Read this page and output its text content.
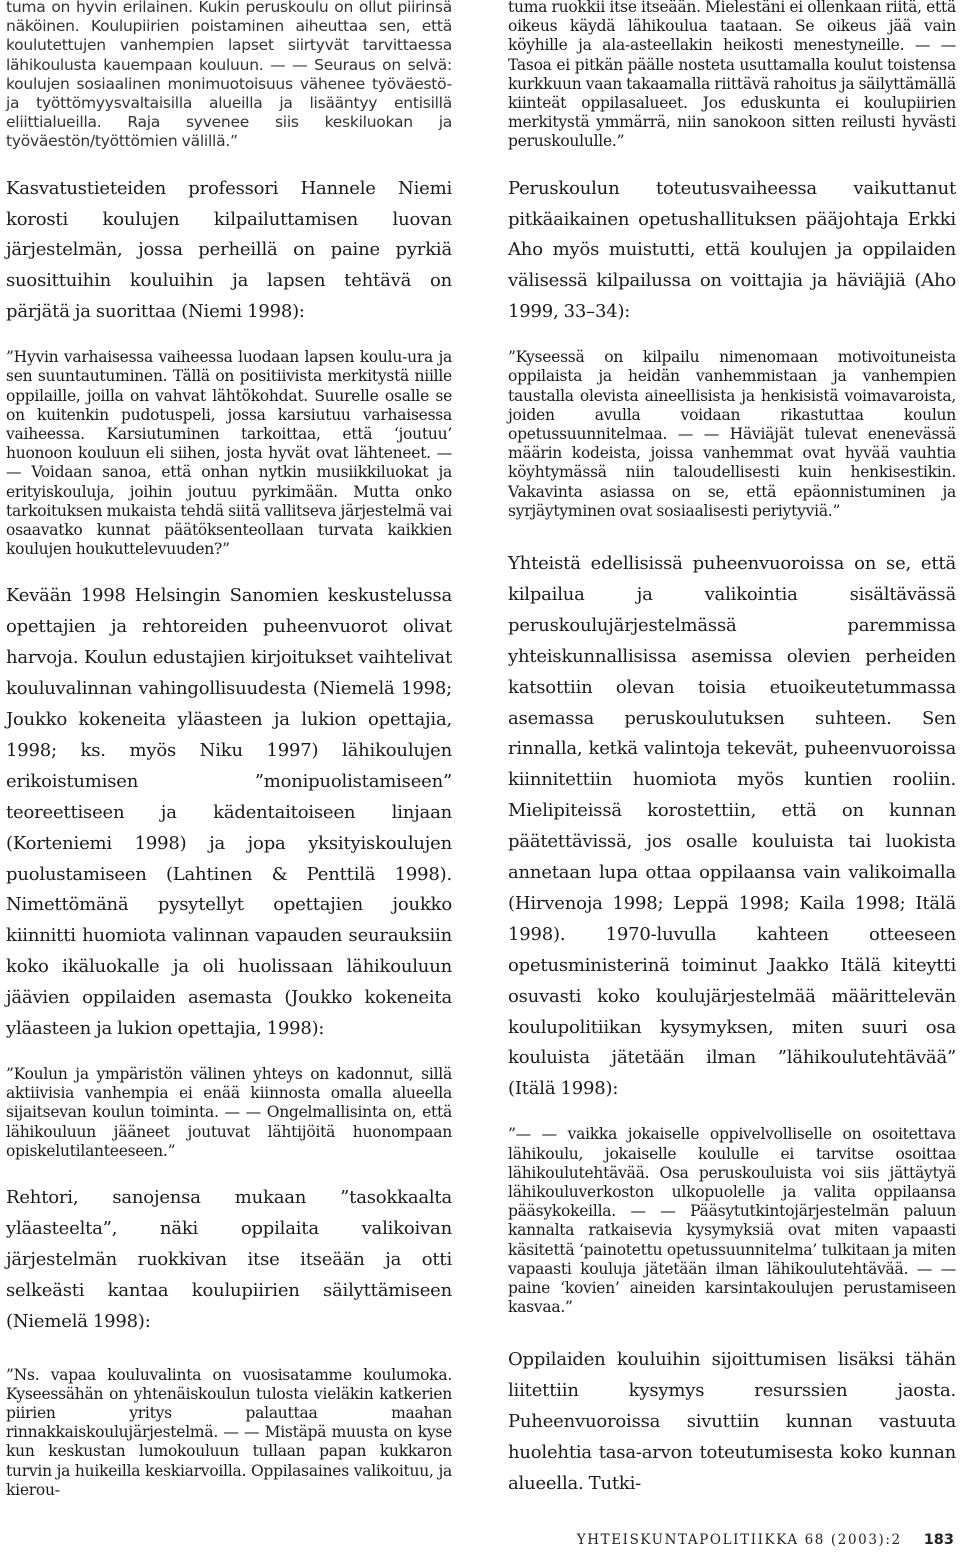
tuma on hyvin erilainen. Kukin peruskoulu on ollut piirinsä näköinen. Koulupiirien poistaminen aiheuttaa sen, että koulutettujen vanhempien lapset siirtyvät tarvittaessa lähikoulusta kauempaan kouluun. — — Seuraus on selvä: koulujen sosiaalinen monimuotoisuus vähenee työväestö- ja työttömyysvaltaisilla alueilla ja lisääntyy entisillä eliittialueilla. Raja syvenee siis keskiluokan ja työväestön/työttömien välillä.”

Kasvatustieteiden professori Hannele Niemi korosti koulujen kilpailuttamisen luovan järjestelmän, jossa perheillä on paine pyrkiä suosittuihin kouluihin ja lapsen tehtävä on pärjätä ja suorittaa (Niemi 1998):

”Hyvin varhaisessa vaiheessa luodaan lapsen koulu-ura ja sen suuntautuminen. Tällä on positiivista merkitystä niille oppilaille, joilla on vahvat lähtökohdat. Suurelle osalle se on kuitenkin pudotuspeli, jossa karsiutuu varhaisessa vaiheessa. Karsiutuminen tarkoittaa, että ‘joutuu’ huonoon kouluun eli siihen, josta hyvät ovat lähteneet. — — Voidaan sanoa, että onhan nytkin musiikkiluokat ja erityiskouluja, joihin joutuu pyrkimään. Mutta onko tarkoituksen mukaista tehdä siitä vallitseva järjestelmä vai osaavatko kunnat päätöksenteollaan turvata kaikkien koulujen houkuttelevuuden?”

Kevään 1998 Helsingin Sanomien keskustelussa opettajien ja rehtoreiden puheenvuorot olivat harvoja. Koulun edustajien kirjoitukset vaihtelivat kouluvalinnan vahingollisuudesta (Niemelä 1998; Joukko kokeneita yläasteen ja lukion opettajia, 1998; ks. myös Niku 1997) lähikoulujen erikoistumisen ”monipuolistamiseen” teoreettiseen ja kädentaitoiseen linjaan (Korteniemi 1998) ja jopa yksityiskoulujen puolustamiseen (Lahtinen & Penttilä 1998). Nimettömänä pysytellyt opettajien joukko kiinnitti huomiota valinnan vapauden seurauksiin koko ikäluokalle ja oli huolissaan lähikouluun jäävien oppilaiden asemasta (Joukko kokeneita yläasteen ja lukion opettajia, 1998):

”Koulun ja ympäristön välinen yhteys on kadonnut, sillä aktiivisia vanhempia ei enää kiinnosta omalla alueella sijaitsevan koulun toiminta. — — Ongelmallisinta on, että lähikouluun jääneet joutuvat lähtijöitä huonompaan opiskelutilanteeseen.”

Rehtori, sanojensa mukaan ”tasokkaalta yläasteelta”, näki oppilaita valikoivan järjestelmän ruokkivan itse itseään ja otti selkeästi kantaa koulupiirien säilyttämiseen (Niemelä 1998):

”Ns. vapaa kouluvalinta on vuosisatamme koulumoka. Kyseessähän on yhtenäiskoulun tulosta vieläkin katkerien piirien yritys palauttaa maahan rinnakkaiskoulujärjestelmä. — — Mistäpä muusta on kyse kun keskustan lumokouluun tullaan papan kukkaron turvin ja huikeilla keskiarvoilla. Oppilasaines valikoituu, ja kierou-

tuma ruokkii itse itseään. Mielestäni ei ollenkaan riitä, että oikeus käydä lähikoulua taataan. Se oikeus jää vain köyhille ja ala-asteellakin heikosti menestyneille. — — Tasoa ei pitkän päälle nosteta usuttamalla koulut toistensa kurkkuun vaan takaamalla riittävä rahoitus ja säilyttämällä kiinteät oppilasalueet. Jos eduskunta ei koulupiirien merkitystä ymmärrä, niin sanokoon sitten reilusti hyvästi peruskoululle.”

Peruskoulun toteutusvaiheessa vaikuttanut pitkäaikainen opetushallituksen pääjohtaja Erkki Aho myös muistutti, että koulujen ja oppilaiden välisessä kilpailussa on voittajia ja häviäjiä (Aho 1999, 33–34):

”Kyseessä on kilpailu nimenomaan motivoituneista oppilaista ja heidän vanhemmistaan ja vanhempien taustalla olevista aineellisista ja henkisistä voimavaroista, joiden avulla voidaan rikastuttaa koulun opetussuunnitelmaa. — — Häviäjät tulevat enenevässä määrin kodeista, joissa vanhemmat ovat hyvää vauhtia köyhtymässä niin taloudellisesti kuin henkisestikin. Vakavinta asiassa on se, että epäonnistuminen ja syrjäytyminen ovat sosiaalisesti periytyviä.”

Yhteistä edellisissä puheenvuoroissa on se, että kilpailua ja valikointia sisältävässä peruskoulujärjestelmässä paremmissa yhteiskunnallisissa asemissa olevien perheiden katsottiin olevan toisia etuoikeutetummassa asemassa peruskoulutuksen suhteen. Sen rinnalla, ketkä valintoja tekevät, puheenvuoroissa kiinnitettiin huomiota myös kuntien rooliin. Mielipiteissä korostettiin, että on kunnan päätettävissä, jos osalle kouluista tai luokista annetaan lupa ottaa oppilaansa vain valikoimalla (Hirvenoja 1998; Leppä 1998; Kaila 1998; Itälä 1998). 1970-luvulla kahteen otteeseen opetusministerinä toiminut Jaakko Itälä kiteytti osuvasti koko koulujärjestelmää määrittelevän koulupolitiikan kysymyksen, miten suuri osa kouluista jätetään ilman ”lähikoulutehtävää” (Itälä 1998):

”— — vaikka jokaiselle oppivelvolliselle on osoitettava lähikoulu, jokaiselle koululle ei tarvitse osoittaa lähikoulutehtävää. Osa peruskouluista voi siis jättäytyä lähikouluverkoston ulkopuolelle ja valita oppilaansa pääsykokeilla. — — Pääsytutkintojärjestelmän paluun kannalta ratkaisevia kysymyksiä ovat miten vapaasti käsitettä ‘painotettu opetussuunnitelma’ tulkitaan ja miten vapaasti kouluja jätetään ilman lähikoulutehtävää. — — paine ‘kovien’ aineiden karsintakoulujen perustamiseen kasvaa.”

Oppilaiden kouluihin sijoittumisen lisäksi tähän liitettiin kysymys resurssien jaosta. Puheenvuoroissa sivuttiin kunnan vastuuta huolehtia tasa-arvon toteutumisesta koko kunnan alueella. Tutki-

YHTEISKUNTAPOLITIIKKA 68 (2003):2 183
